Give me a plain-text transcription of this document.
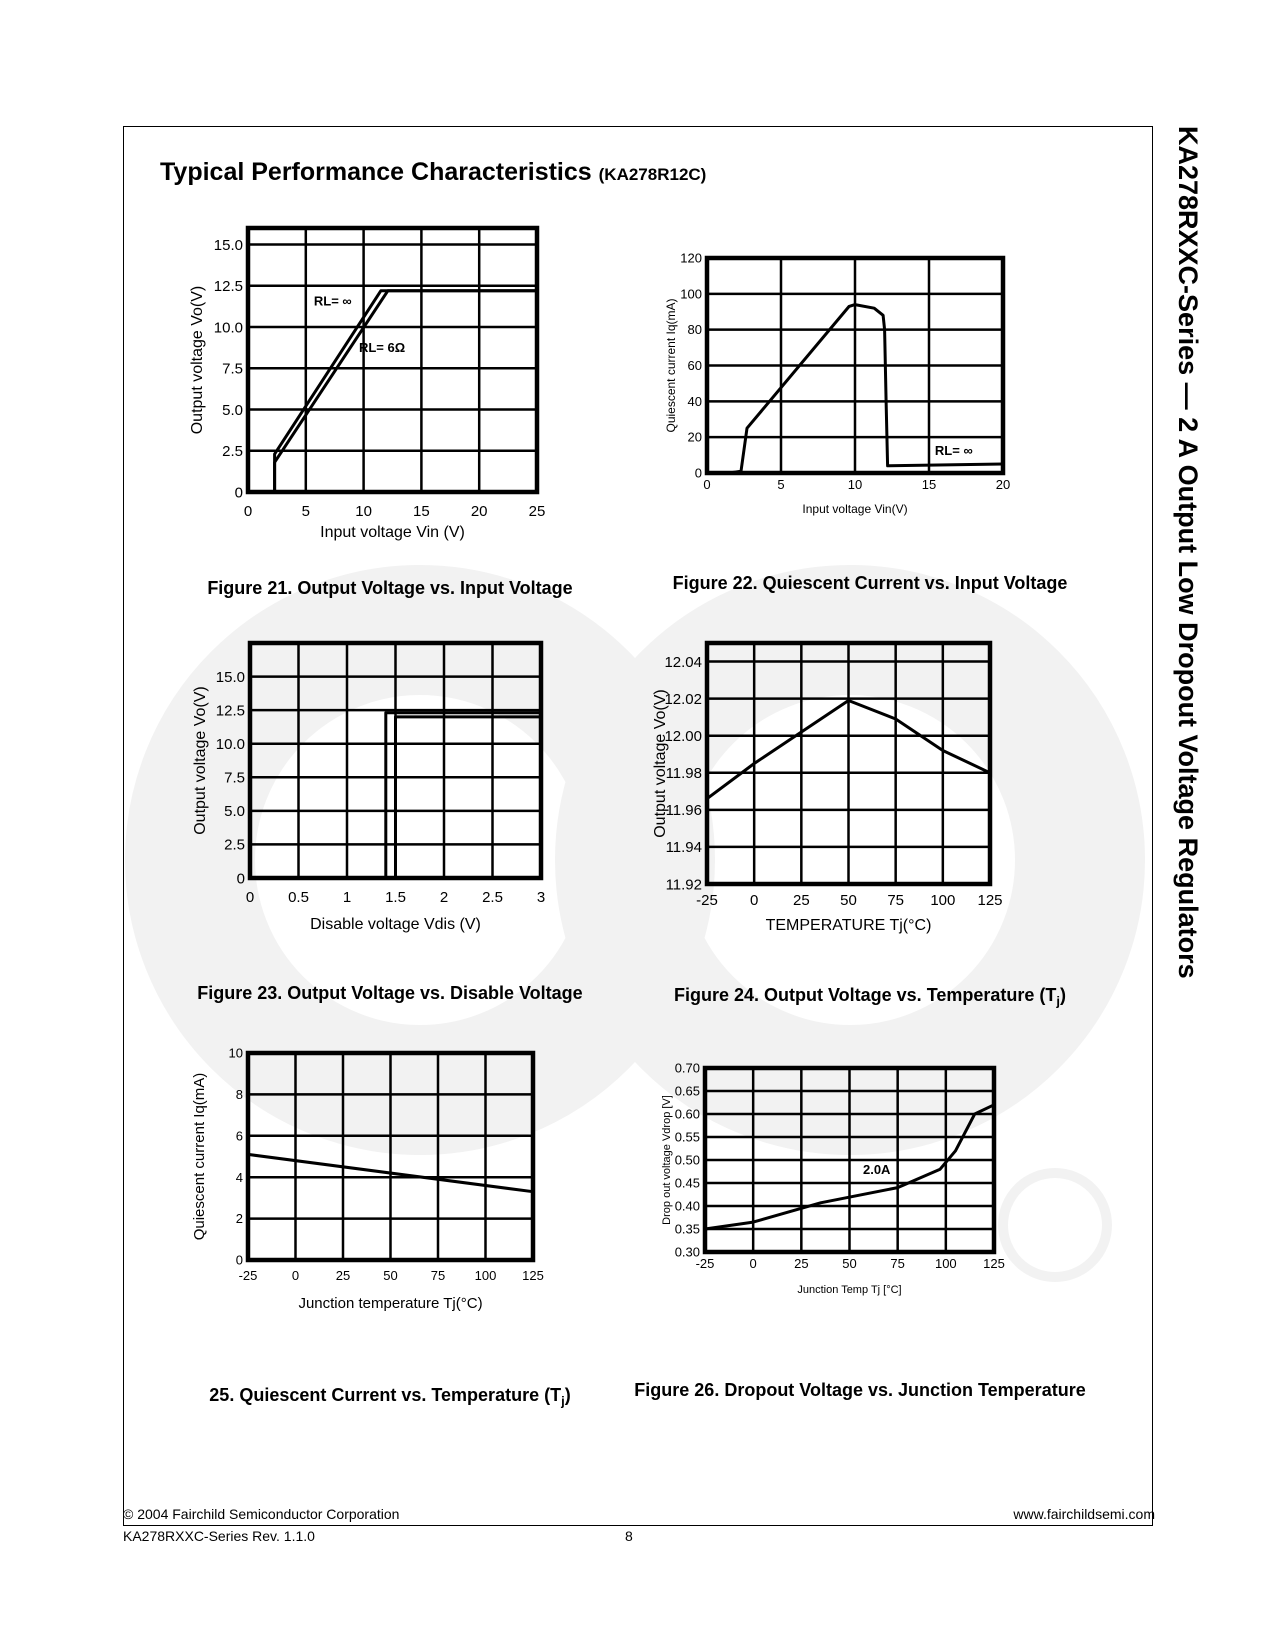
KA278RXXC-Series — 2 A Output Low Dropout Voltage Regulators
Typical Performance Characteristics (KA278R12C)
0	5	10	15	20	25
0
2.5
5.0
7.5
10.0
12.5
15.0
Input voltage Vin (V)
Output voltage Vo(V)	RL= ∞
RL= 6Ω
Figure 21. Output Voltage vs. Input Voltage
0	5	10	15	20
0
20
40
60
80
100
120
Input voltage Vin(V)
Quiescent current Iq(mA)
RL= ∞
Figure 22. Quiescent Current vs. Input Voltage
0 0.5 1 1.5 2 2.5 3
0
2.5
5.0
7.5
10.0
12.5
15.0
Disable voltage Vdis (V)
Output voltage Vo(V)
Figure 23. Output Voltage vs. Disable Voltage
-25 0 25 50 75 100 125
11.92
11.94
11.96
11.98
12.00
12.02
12.04
TEMPERATURE Tj(°C)
Output voltage Vo(V)
Figure 24. Output Voltage vs. Temperature $(T_j)$
-25	0	25	50	75 100 125
0
2
4
6
8
10
Junction temperature Tj(°C)
Quiescent current Iq(mA)
25. Quiescent Current vs. Temperature $(T_j)$
-25	0	25	50	75 100 125
0.30
0.35
0.40
0.45
0.50
0.55
0.60
0.65
0.70
Junction Temp Tj [°C]
Drop out voltage Vdrop [V]	2.0A
Figure 26. Dropout Voltage vs. Junction Temperature
© 2004 Fairchild Semiconductor Corporation
KA278RXXC-Series Rev. 1.1.0	8
www.fairchildsemi.com
